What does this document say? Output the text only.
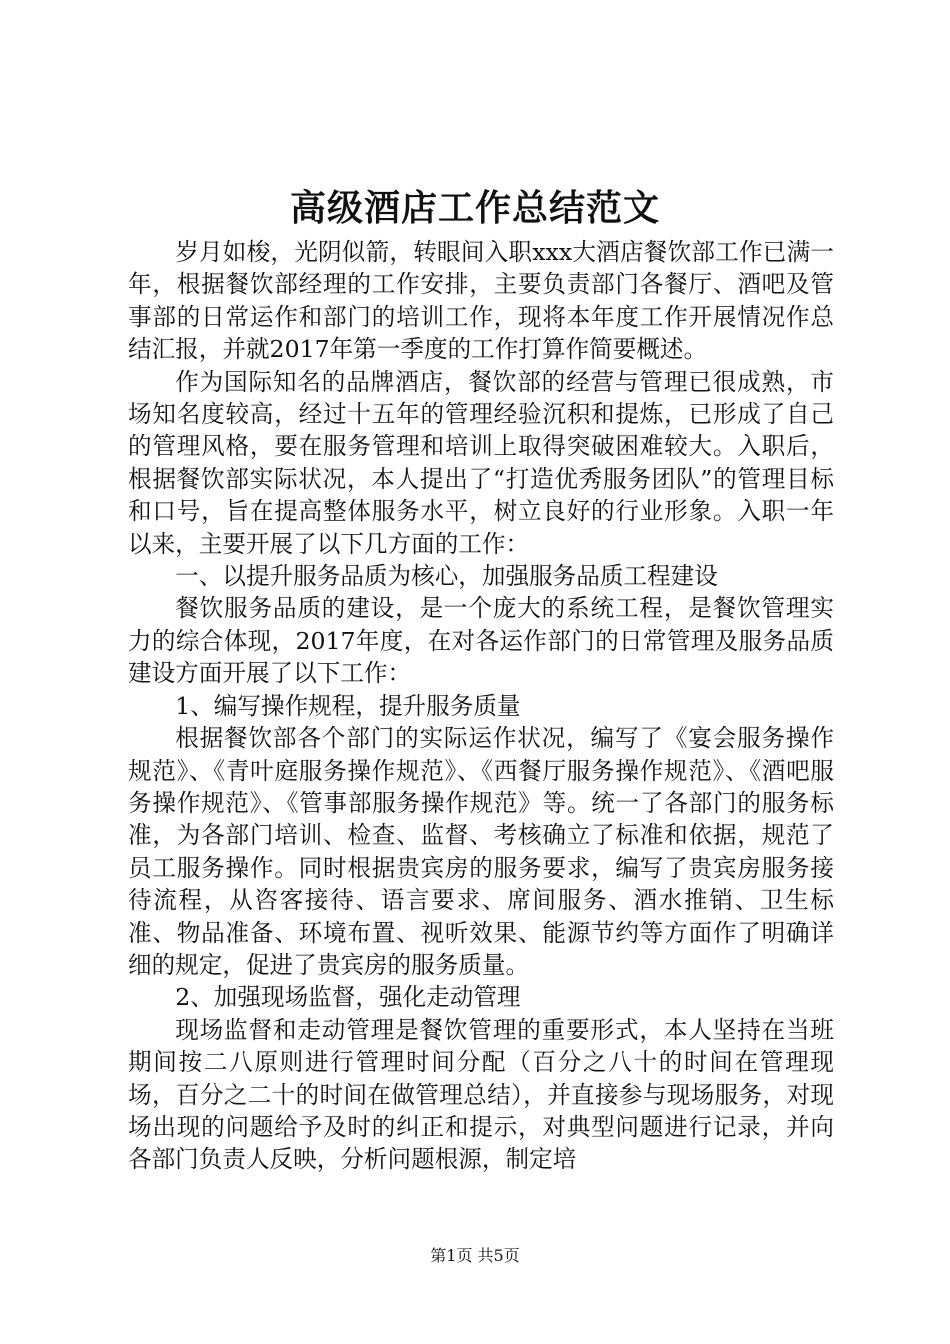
高级酒店工作总结范文

岁月如梭，光阴似箭，转眼间入职xxx大酒店餐饮部工作已满一年，根据餐饮部经理的工作安排，主要负责部门各餐厅、酒吧及管事部的日常运作和部门的培训工作，现将本年度工作开展情况作总结汇报，并就2017年第一季度的工作打算作简要概述。

作为国际知名的品牌酒店，餐饮部的经营与管理已很成熟，市场知名度较高，经过十五年的管理经验沉积和提炼，已形成了自己的管理风格，要在服务管理和培训上取得突破困难较大。入职后，根据餐饮部实际状况，本人提出了“打造优秀服务团队”的管理目标和口号，旨在提高整体服务水平，树立良好的行业形象。入职一年以来，主要开展了以下几方面的工作：

一、以提升服务品质为核心，加强服务品质工程建设

餐饮服务品质的建设，是一个庞大的系统工程，是餐饮管理实力的综合体现，2017年度，在对各运作部门的日常管理及服务品质建设方面开展了以下工作：

1、编写操作规程，提升服务质量

根据餐饮部各个部门的实际运作状况，编写了《宴会服务操作规范》、《青叶庭服务操作规范》、《西餐厅服务操作规范》、《酒吧服务操作规范》、《管事部服务操作规范》等。统一了各部门的服务标准，为各部门培训、检查、监督、考核确立了标准和依据，规范了员工服务操作。同时根据贵宾房的服务要求，编写了贵宾房服务接待流程，从咨客接待、语言要求、席间服务、酒水推销、卫生标准、物品准备、环境布置、视听效果、能源节约等方面作了明确详细的规定，促进了贵宾房的服务质量。

2、加强现场监督，强化走动管理

现场监督和走动管理是餐饮管理的重要形式，本人坚持在当班期间按二八原则进行管理时间分配（百分之八十的时间在管理现场，百分之二十的时间在做管理总结），并直接参与现场服务，对现场出现的问题给予及时的纠正和提示，对典型问题进行记录，并向各部门负责人反映，分析问题根源，制定培

第1页 共5页
